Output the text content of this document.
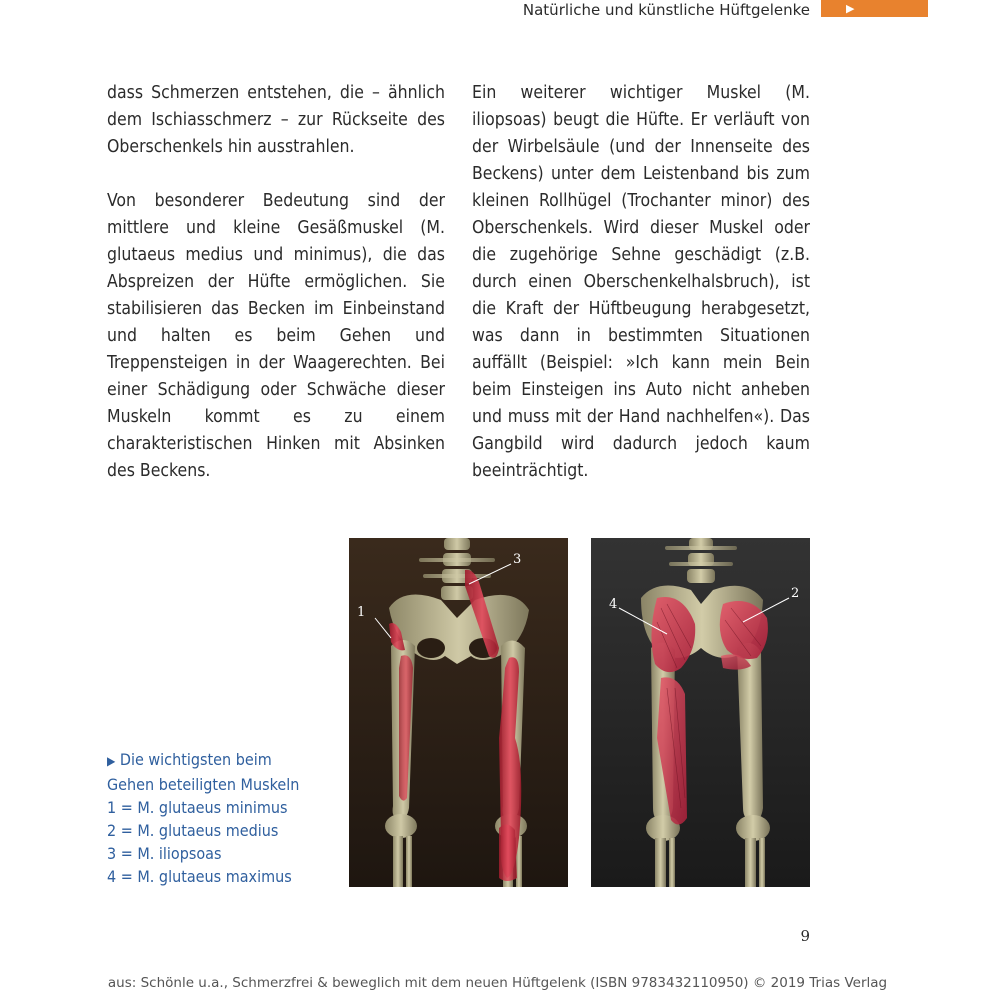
Natürliche und künstliche Hüftgelenke	▶

dass Schmerzen entstehen, die – ähnlich dem Ischiasschmerz – zur Rückseite des Oberschenkels hin ausstrahlen.

Von besonderer Bedeutung sind der mittlere und kleine Gesäßmuskel (M. glutaeus medius und minimus), die das Abspreizen der Hüfte ermöglichen. Sie stabilisieren das Becken im Einbeinstand und halten es beim Gehen und Treppensteigen in der Waagerechten. Bei einer Schädigung oder Schwäche dieser Muskeln kommt es zu einem charakteristischen Hinken mit Absinken des Beckens.

Ein weiterer wichtiger Muskel (M. iliopsoas) beugt die Hüfte. Er verläuft von der Wirbelsäule (und der Innenseite des Beckens) unter dem Leistenband bis zum kleinen Rollhügel (Trochanter minor) des Oberschenkels. Wird dieser Muskel oder die zugehörige Sehne geschädigt (z.B. durch einen Oberschenkelhalsbruch), ist die Kraft der Hüftbeugung herabgesetzt, was dann in bestimmten Situationen auffällt (Beispiel: »Ich kann mein Bein beim Einsteigen ins Auto nicht anheben und muss mit der Hand nachhelfen«). Das Gangbild wird dadurch jedoch kaum beeinträchtigt.

1
3
4
2
▶ Die wichtigsten beim
Gehen beteiligten Muskeln
1 = M. glutaeus minimus
2 = M. glutaeus medius
3 = M. iliopsoas
4 = M. glutaeus maximus
9
aus: Schönle u.a., Schmerzfrei & beweglich mit dem neuen Hüftgelenk (ISBN 9783432110950) © 2019 Trias Verlag
